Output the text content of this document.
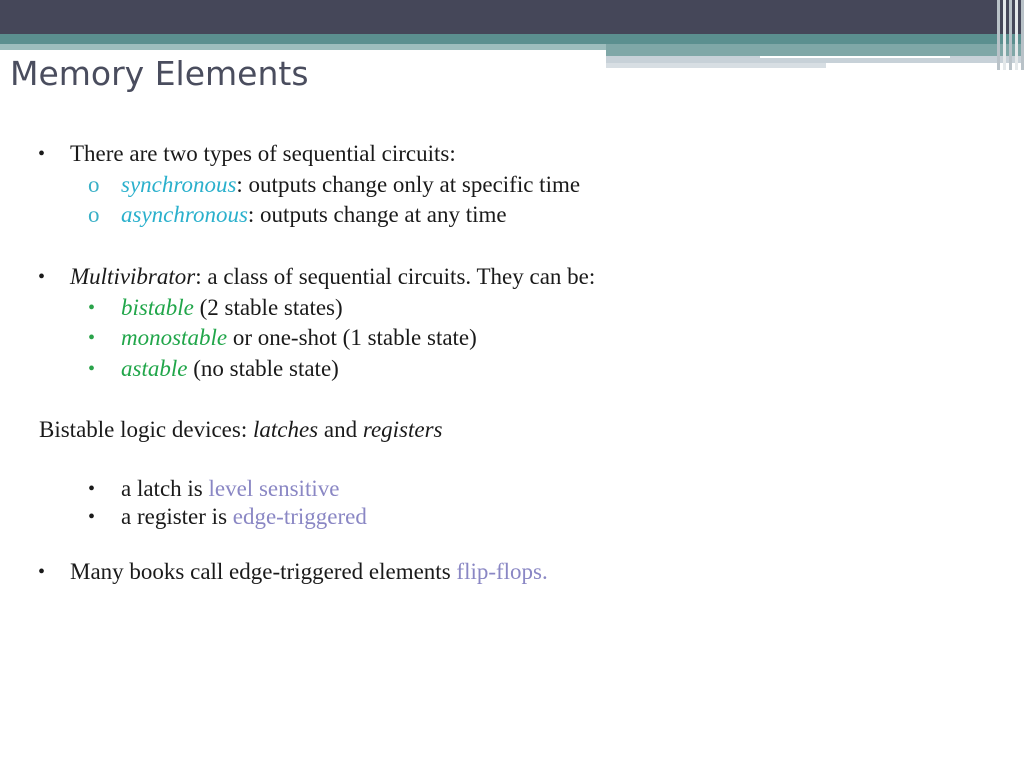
Memory Elements
• There are two types of sequential circuits:
o synchronous: outputs change only at specific time
o asynchronous: outputs change at any time
• Multivibrator: a class of sequential circuits. They can be:
• bistable (2 stable states)
• monostable or one-shot (1 stable state)
• astable (no stable state)
Bistable logic devices: latches and registers
• a latch is level sensitive
• a register is edge-triggered
• Many books call edge-triggered elements flip-flops.
